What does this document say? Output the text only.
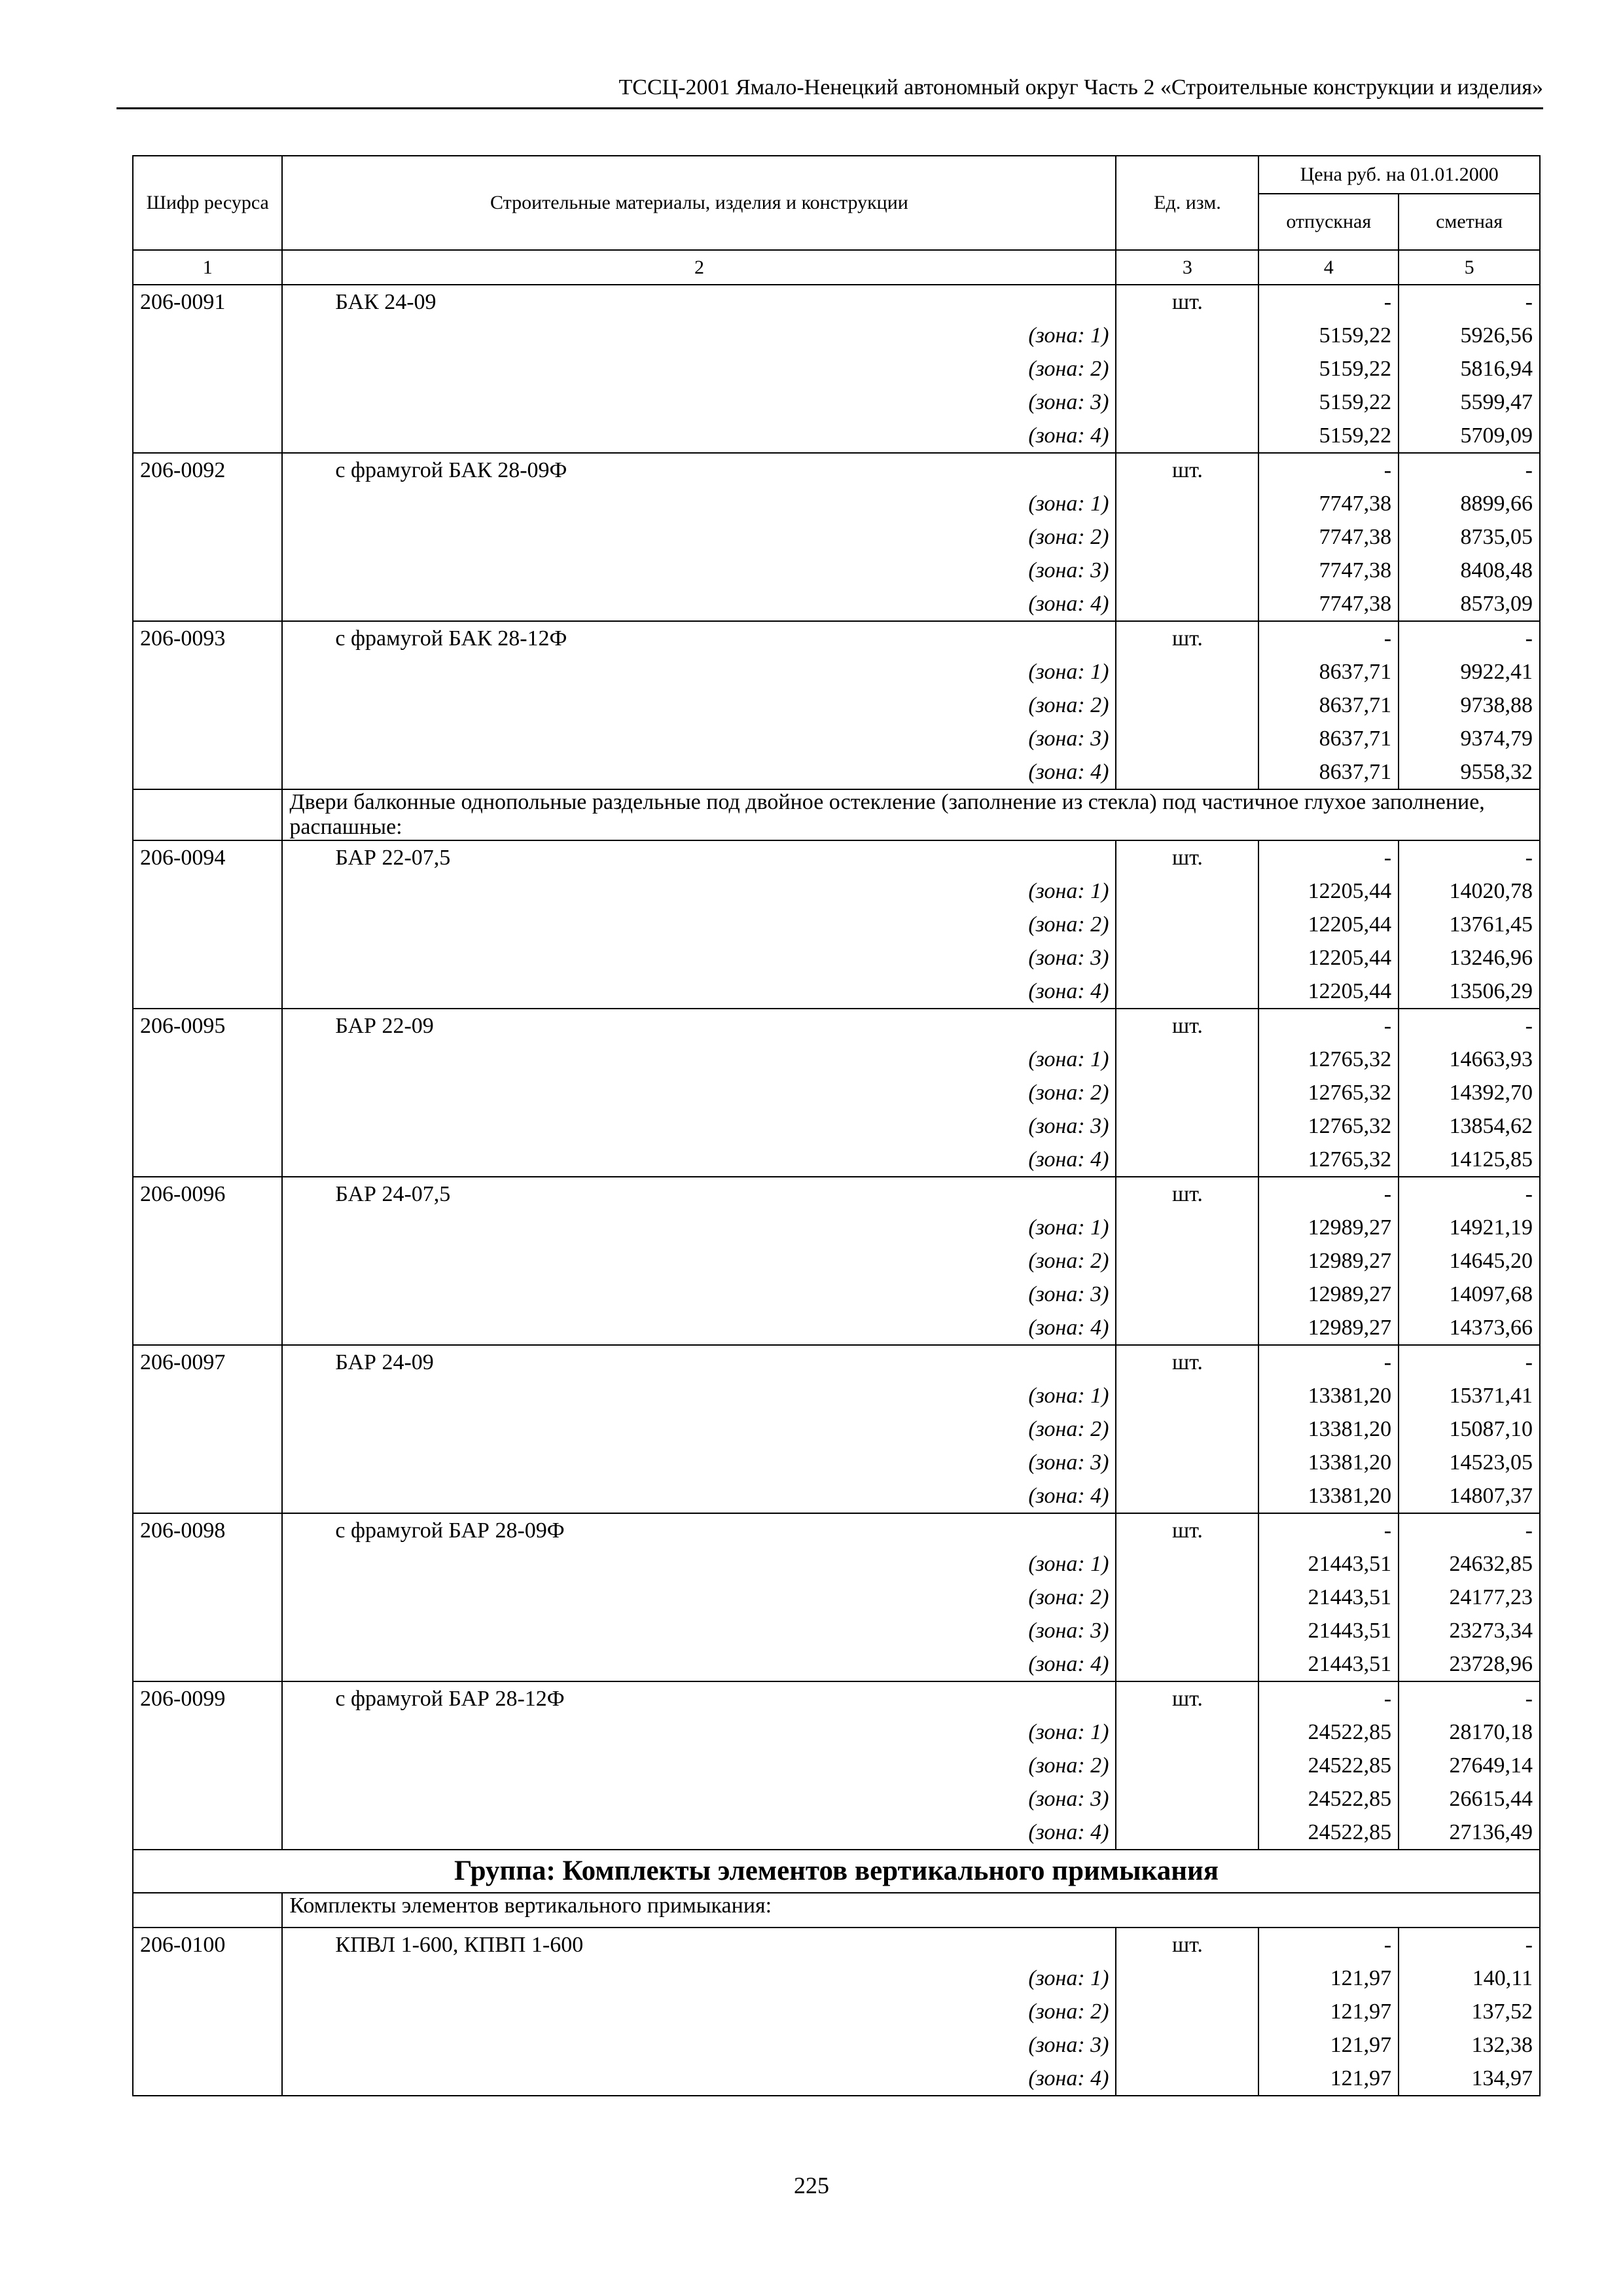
ТССЦ-2001 Ямало-Ненецкий автономный округ Часть 2 «Строительные конструкции и изделия»
Шифр ресурса	Строительные материалы, изделия и конструкции	Ед. изм.	Цена руб. на 01.01.2000	
			отпускная	сметная
1	2	3	4	5
206-0091	БАК 24-09	шт.	-	-
	(зона: 1)		5159,22	5926,56
	(зона: 2)		5159,22	5816,94
	(зона: 3)		5159,22	5599,47
	(зона: 4)		5159,22	5709,09
206-0092	с фрамугой БАК 28-09Ф	шт.	-	-
	(зона: 1)		7747,38	8899,66
	(зона: 2)		7747,38	8735,05
	(зона: 3)		7747,38	8408,48
	(зона: 4)		7747,38	8573,09
206-0093	с фрамугой БАК 28-12Ф	шт.	-	-
	(зона: 1)		8637,71	9922,41
	(зона: 2)		8637,71	9738,88
	(зона: 3)		8637,71	9374,79
	(зона: 4)		8637,71	9558,32
	Двери балконные однопольные раздельные под двойное остекление (заполнение из стекла) под частичное глухое заполнение, распашные:			
206-0094	БАР 22-07,5	шт.	-	-
	(зона: 1)		12205,44	14020,78
	(зона: 2)		12205,44	13761,45
	(зона: 3)		12205,44	13246,96
	(зона: 4)		12205,44	13506,29
206-0095	БАР 22-09	шт.	-	-
	(зона: 1)		12765,32	14663,93
	(зона: 2)		12765,32	14392,70
	(зона: 3)		12765,32	13854,62
	(зона: 4)		12765,32	14125,85
206-0096	БАР 24-07,5	шт.	-	-
	(зона: 1)		12989,27	14921,19
	(зона: 2)		12989,27	14645,20
	(зона: 3)		12989,27	14097,68
	(зона: 4)		12989,27	14373,66
206-0097	БАР 24-09	шт.	-	-
	(зона: 1)		13381,20	15371,41
	(зона: 2)		13381,20	15087,10
	(зона: 3)		13381,20	14523,05
	(зона: 4)		13381,20	14807,37
206-0098	с фрамугой БАР 28-09Ф	шт.	-	-
	(зона: 1)		21443,51	24632,85
	(зона: 2)		21443,51	24177,23
	(зона: 3)		21443,51	23273,34
	(зона: 4)		21443,51	23728,96
206-0099	с фрамугой БАР 28-12Ф	шт.	-	-
	(зона: 1)		24522,85	28170,18
	(зона: 2)		24522,85	27649,14
	(зона: 3)		24522,85	26615,44
	(зона: 4)		24522,85	27136,49
Группа: Комплекты элементов вертикального примыкания				
	Комплекты элементов вертикального примыкания:			
206-0100	КПВЛ 1-600, КПВП 1-600	шт.	-	-
	(зона: 1)		121,97	140,11
	(зона: 2)		121,97	137,52
	(зона: 3)		121,97	132,38
	(зона: 4)		121,97	134,97
225
